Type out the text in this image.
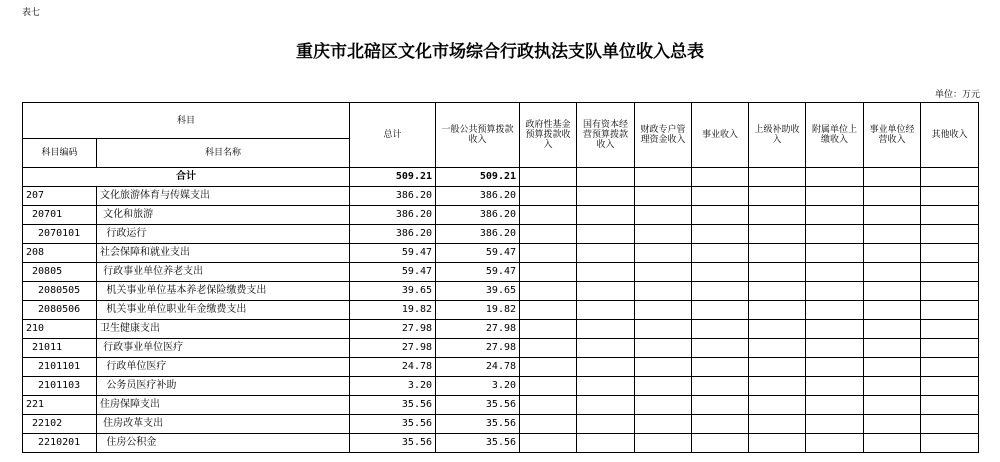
表七
重庆市北碚区文化市场综合行政执法支队单位收入总表
单位：万元
科目		总计	一般公共预算拨款收入	政府性基金预算拨款收入	国有资本经营预算拨款收入	财政专户管理资金收入	事业收入	上级补助收入	附属单位上缴收入	事业单位经营收入	其他收入
科目编码	科目名称										
合计		509.21	509.21								
207	文化旅游体育与传媒支出	386.20	386.20								
20701	文化和旅游	386.20	386.20								
2070101	行政运行	386.20	386.20								
208	社会保障和就业支出	59.47	59.47								
20805	行政事业单位养老支出	59.47	59.47								
2080505	机关事业单位基本养老保险缴费支出	39.65	39.65								
2080506	机关事业单位职业年金缴费支出	19.82	19.82								
210	卫生健康支出	27.98	27.98								
21011	行政事业单位医疗	27.98	27.98								
2101101	行政单位医疗	24.78	24.78								
2101103	公务员医疗补助	3.20	3.20								
221	住房保障支出	35.56	35.56								
22102	住房改革支出	35.56	35.56								
2210201	住房公积金	35.56	35.56								
